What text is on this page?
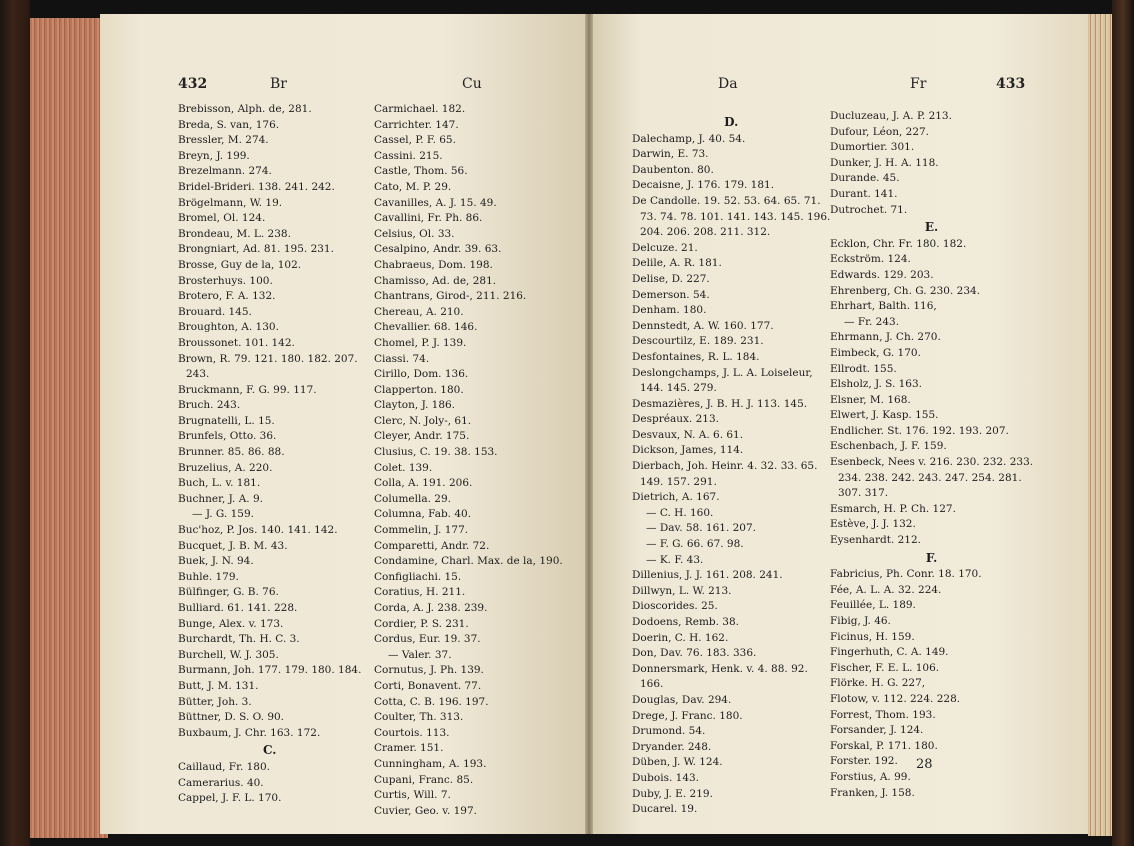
432	Br	Cu	Da	Fr	433
Brebisson, Alph. de, 281.
Breda, S. van, 176.
Bressler, M. 274.
Breyn, J. 199.
Brezelmann. 274.
Bridel-Brideri. 138. 241. 242.
Brögelmann, W. 19.
Bromel, Ol. 124.
Brondeau, M. L. 238.
Brongniart, Ad. 81. 195. 231.
Brosse, Guy de la, 102.
Brosterhuys. 100.
Brotero, F. A. 132.
Brouard. 145.
Broughton, A. 130.
Broussonet. 101. 142.
Brown, R. 79. 121. 180. 182. 207.
243.
Bruckmann, F. G. 99. 117.
Bruch. 243.
Brugnatelli, L. 15.
Brunfels, Otto. 36.
Brunner. 85. 86. 88.
Bruzelius, A. 220.
Buch, L. v. 181.
Buchner, J. A. 9.
— J. G. 159.
Buc'hoz, P. Jos. 140. 141. 142.
Bucquet, J. B. M. 43.
Buek, J. N. 94.
Buhle. 179.
Bülfinger, G. B. 76.
Bulliard. 61. 141. 228.
Bunge, Alex. v. 173.
Burchardt, Th. H. C. 3.
Burchell, W. J. 305.
Burmann, Joh. 177. 179. 180. 184.
Butt, J. M. 131.
Bütter, Joh. 3.
Büttner, D. S. O. 90.
Buxbaum, J. Chr. 163. 172.
C.
Caillaud, Fr. 180.
Camerarius. 40.
Cappel, J. F. L. 170.
Carmichael. 182.
Carrichter. 147.
Cassel, P. F. 65.
Cassini. 215.
Castle, Thom. 56.
Cato, M. P. 29.
Cavanilles, A. J. 15. 49.
Cavallini, Fr. Ph. 86.
Celsius, Ol. 33.
Cesalpino, Andr. 39. 63.
Chabraeus, Dom. 198.
Chamisso, Ad. de, 281.
Chantrans, Girod-, 211. 216.
Chereau, A. 210.
Chevallier. 68. 146.
Chomel, P. J. 139.
Ciassi. 74.
Cirillo, Dom. 136.
Clapperton. 180.
Clayton, J. 186.
Clerc, N. Joly-, 61.
Cleyer, Andr. 175.
Clusius, C. 19. 38. 153.
Colet. 139.
Colla, A. 191. 206.
Columella. 29.
Columna, Fab. 40.
Commelin, J. 177.
Comparetti, Andr. 72.
Condamine, Charl. Max. de la, 190.
Configliachi. 15.
Coratius, H. 211.
Corda, A. J. 238. 239.
Cordier, P. S. 231.
Cordus, Eur. 19. 37.
— Valer. 37.
Cornutus, J. Ph. 139.
Corti, Bonavent. 77.
Cotta, C. B. 196. 197.
Coulter, Th. 313.
Courtois. 113.
Cramer. 151.
Cunningham, A. 193.
Cupani, Franc. 85.
Curtis, Will. 7.
Cuvier, Geo. v. 197.
D.
Dalechamp, J. 40. 54.
Darwin, E. 73.
Daubenton. 80.
Decaisne, J. 176. 179. 181.
De Candolle. 19. 52. 53. 64. 65. 71.
73. 74. 78. 101. 141. 143. 145. 196.
204. 206. 208. 211. 312.
Delcuze. 21.
Delile, A. R. 181.
Delise, D. 227.
Demerson. 54.
Denham. 180.
Dennstedt, A. W. 160. 177.
Descourtilz, E. 189. 231.
Desfontaines, R. L. 184.
Deslongchamps, J. L. A. Loiseleur,
144. 145. 279.
Desmazières, J. B. H. J. 113. 145.
Despréaux. 213.
Desvaux, N. A. 6. 61.
Dickson, James, 114.
Dierbach, Joh. Heinr. 4. 32. 33. 65.
149. 157. 291.
Dietrich, A. 167.
— C. H. 160.
— Dav. 58. 161. 207.
— F. G. 66. 67. 98.
— K. F. 43.
Dillenius, J. J. 161. 208. 241.
Dillwyn, L. W. 213.
Dioscorides. 25.
Dodoens, Remb. 38.
Doerin, C. H. 162.
Don, Dav. 76. 183. 336.
Donnersmark, Henk. v. 4. 88. 92.
166.
Douglas, Dav. 294.
Drege, J. Franc. 180.
Drumond. 54.
Dryander. 248.
Düben, J. W. 124.
Dubois. 143.
Duby, J. E. 219.
Ducarel. 19.
Ducluzeau, J. A. P. 213.
Dufour, Léon, 227.
Dumortier. 301.
Dunker, J. H. A. 118.
Durande. 45.
Durant. 141.
Dutrochet. 71.
E.
Ecklon, Chr. Fr. 180. 182.
Eckström. 124.
Edwards. 129. 203.
Ehrenberg, Ch. G. 230. 234.
Ehrhart, Balth. 116,
— Fr. 243.
Ehrmann, J. Ch. 270.
Eimbeck, G. 170.
Ellrodt. 155.
Elsholz, J. S. 163.
Elsner, M. 168.
Elwert, J. Kasp. 155.
Endlicher. St. 176. 192. 193. 207.
Eschenbach, J. F. 159.
Esenbeck, Nees v. 216. 230. 232. 233.
234. 238. 242. 243. 247. 254. 281.
307. 317.
Esmarch, H. P. Ch. 127.
Estève, J. J. 132.
Eysenhardt. 212.
F.
Fabricius, Ph. Conr. 18. 170.
Fée, A. L. A. 32. 224.
Feuillée, L. 189.
Fibig, J. 46.
Ficinus, H. 159.
Fingerhuth, C. A. 149.
Fischer, F. E. L. 106.
Flörke. H. G. 227,
Flotow, v. 112. 224. 228.
Forrest, Thom. 193.
Forsander, J. 124.
Forskal, P. 171. 180.
Forster. 192.
Forstius, A. 99.
Franken, J. 158.
28
